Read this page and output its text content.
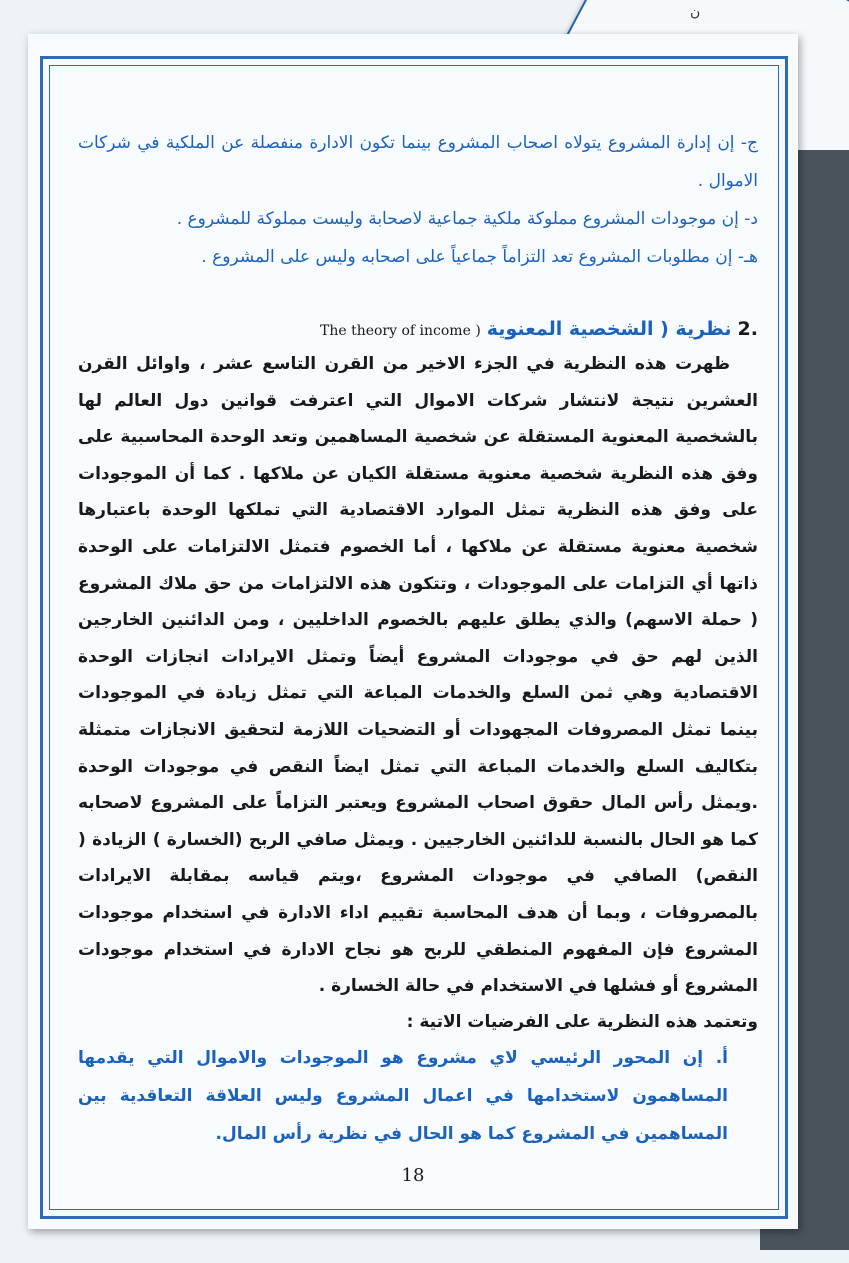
ﻥ

ج- إن إدارة المشروع يتولاه اصحاب المشروع بينما تكون الادارة منفصلة عن الملكية في شركات الاموال .

د- إن موجودات المشروع مملوكة ملكية جماعية لاصحابة وليست مملوكة للمشروع .

هـ- إن مطلوبات المشروع تعد التزاماً جماعياً على اصحابه وليس على المشروع .

.2
نظرية ( الشخصية المعنوية
The theory of income )

ظهرت هذه النظرية في الجزء الاخير من القرن التاسع عشر ، واوائل القرن العشرين نتيجة لانتشار شركات الاموال التي اعترفت قوانين دول العالم لها بالشخصية المعنوية المستقلة عن شخصية المساهمين وتعد الوحدة المحاسبية على وفق هذه النظرية شخصية معنوية مستقلة الكيان عن ملاكها . كما أن الموجودات على وفق هذه النظرية تمثل الموارد الاقتصادية التي تملكها الوحدة باعتبارها شخصية معنوية مستقلة عن ملاكها ، أما الخصوم فتمثل الالتزامات على الوحدة ذاتها أي التزامات على الموجودات ، وتتكون هذه الالتزامات من حق ملاك المشروع ( حملة الاسهم) والذي يطلق عليهم بالخصوم الداخليين ، ومن الدائنين الخارجين الذين لهم حق في موجودات المشروع أيضاً وتمثل الايرادات انجازات الوحدة الاقتصادية وهي ثمن السلع والخدمات المباعة التي تمثل زيادة في الموجودات بينما تمثل المصروفات المجهودات أو التضحيات اللازمة لتحقيق الانجازات متمثلة بتكاليف السلع والخدمات المباعة التي تمثل ايضاً النقص في موجودات الوحدة .ويمثل رأس المال حقوق اصحاب المشروع ويعتبر التزاماً على المشروع لاصحابه كما هو الحال بالنسبة للدائنين الخارجيين . ويمثل صافي الربح (الخسارة ) الزيادة ( النقص) الصافي في موجودات المشروع ،ويتم قياسه بمقابلة الايرادات بالمصروفات ، وبما أن هدف المحاسبة تقييم اداء الادارة في استخدام موجودات المشروع فإن المفهوم المنطقي للربح هو نجاح الادارة في استخدام موجودات المشروع أو فشلها في الاستخدام في حالة الخسارة .

وتعتمد هذه النظرية على الفرضيات الاتية :

أ. إن المحور الرئيسي لاي مشروع هو الموجودات والاموال التي يقدمها المساهمون لاستخدامها في اعمال المشروع وليس العلاقة التعاقدية بين المساهمين في المشروع كما هو الحال في نظرية رأس المال.

18
